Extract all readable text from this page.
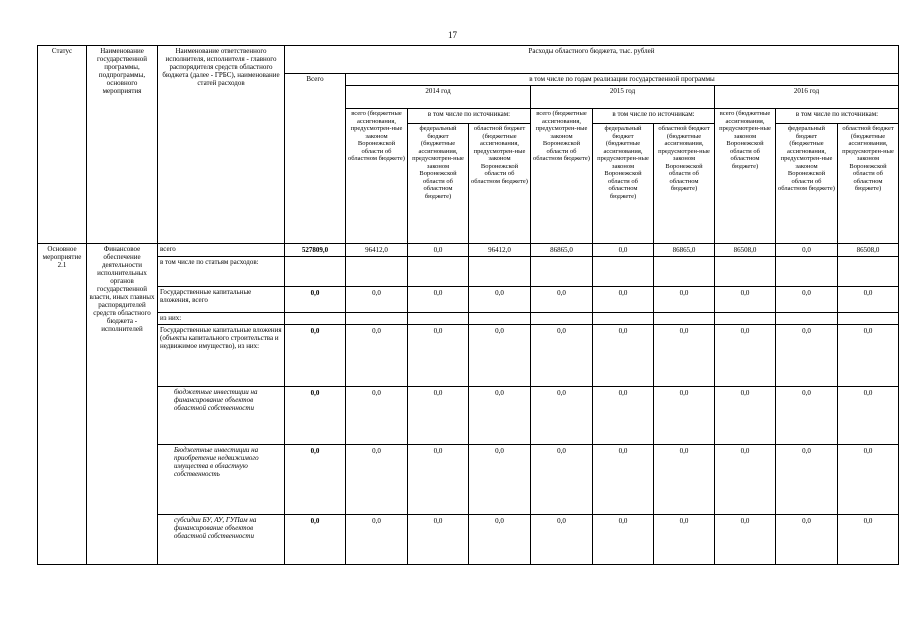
17
Статус	Наименование государственной программы, подпрограммы, основного мероприятия	Наименование ответственного исполнителя, исполнителя - главного распорядителя средств областного бюджета (далее - ГРБС), наименование статей расходов	Расходы областного бюджета, тыс. рублей									
			Всего	в том числе по годам реализации государственной программы								
				2014 год			2015 год			2016 год		
				всего (бюджетные ассигнования, предусмотрен-ные законом Воронежской области об областном бюджете)	в том числе по источникам:		всего (бюджетные ассигнования, предусмотрен-ные законом Воронежской области об областном бюджете)	в том числе по источникам:		всего (бюджетные ассигнования, предусмотрен-ные законом Воронежской области об областном бюджете)	в том числе по источникам:	
					федеральный бюджет (бюджетные ассигнования, предусмотрен-ные законом Воронежской области об областном бюджете)	областной бюджет (бюджетные ассигнования, предусмотрен-ные законом Воронежской области об областном бюджете)		федеральный бюджет (бюджетные ассигнования, предусмотрен-ные законом Воронежской области об областном бюджете)	областной бюджет (бюджетные ассигнования, предусмотрен-ные законом Воронежской области об областном бюджете)		федеральный бюджет (бюджетные ассигнования, предусмотрен-ные законом Воронежской области об областном бюджете)	областной бюджет (бюджетные ассигнования, предусмотрен-ные законом Воронежской области об областном бюджете)
Основное мероприятие 2.1	Финансовое обеспечение деятельности исполнительных органов государственной власти, иных главных распорядителей средств областного бюджета - исполнителей	всего	527809,0	96412,0	0,0	96412,0	86865,0	0,0	86865,0	86508,0	0,0	86508,0
		в том числе по статьям расходов:										
		Государственные капитальные вложения, всего	0,0	0,0	0,0	0,0	0,0	0,0	0,0	0,0	0,0	0,0
		из них:										
		Государственные капитальные вложения (объекты капитального строительства и недвижимое имущество), из них:	0,0	0,0	0,0	0,0	0,0	0,0	0,0	0,0	0,0	0,0
		бюджетные инвестиции на финансирование объектов областной собственности	0,0	0,0	0,0	0,0	0,0	0,0	0,0	0,0	0,0	0,0
		Бюджетные инвестиции на приобретение недвижимого имущества в областную собственность	0,0	0,0	0,0	0,0	0,0	0,0	0,0	0,0	0,0	0,0
		субсидии БУ, АУ, ГУПам на финансирование объектов областной собственности	0,0	0,0	0,0	0,0	0,0	0,0	0,0	0,0	0,0	0,0
